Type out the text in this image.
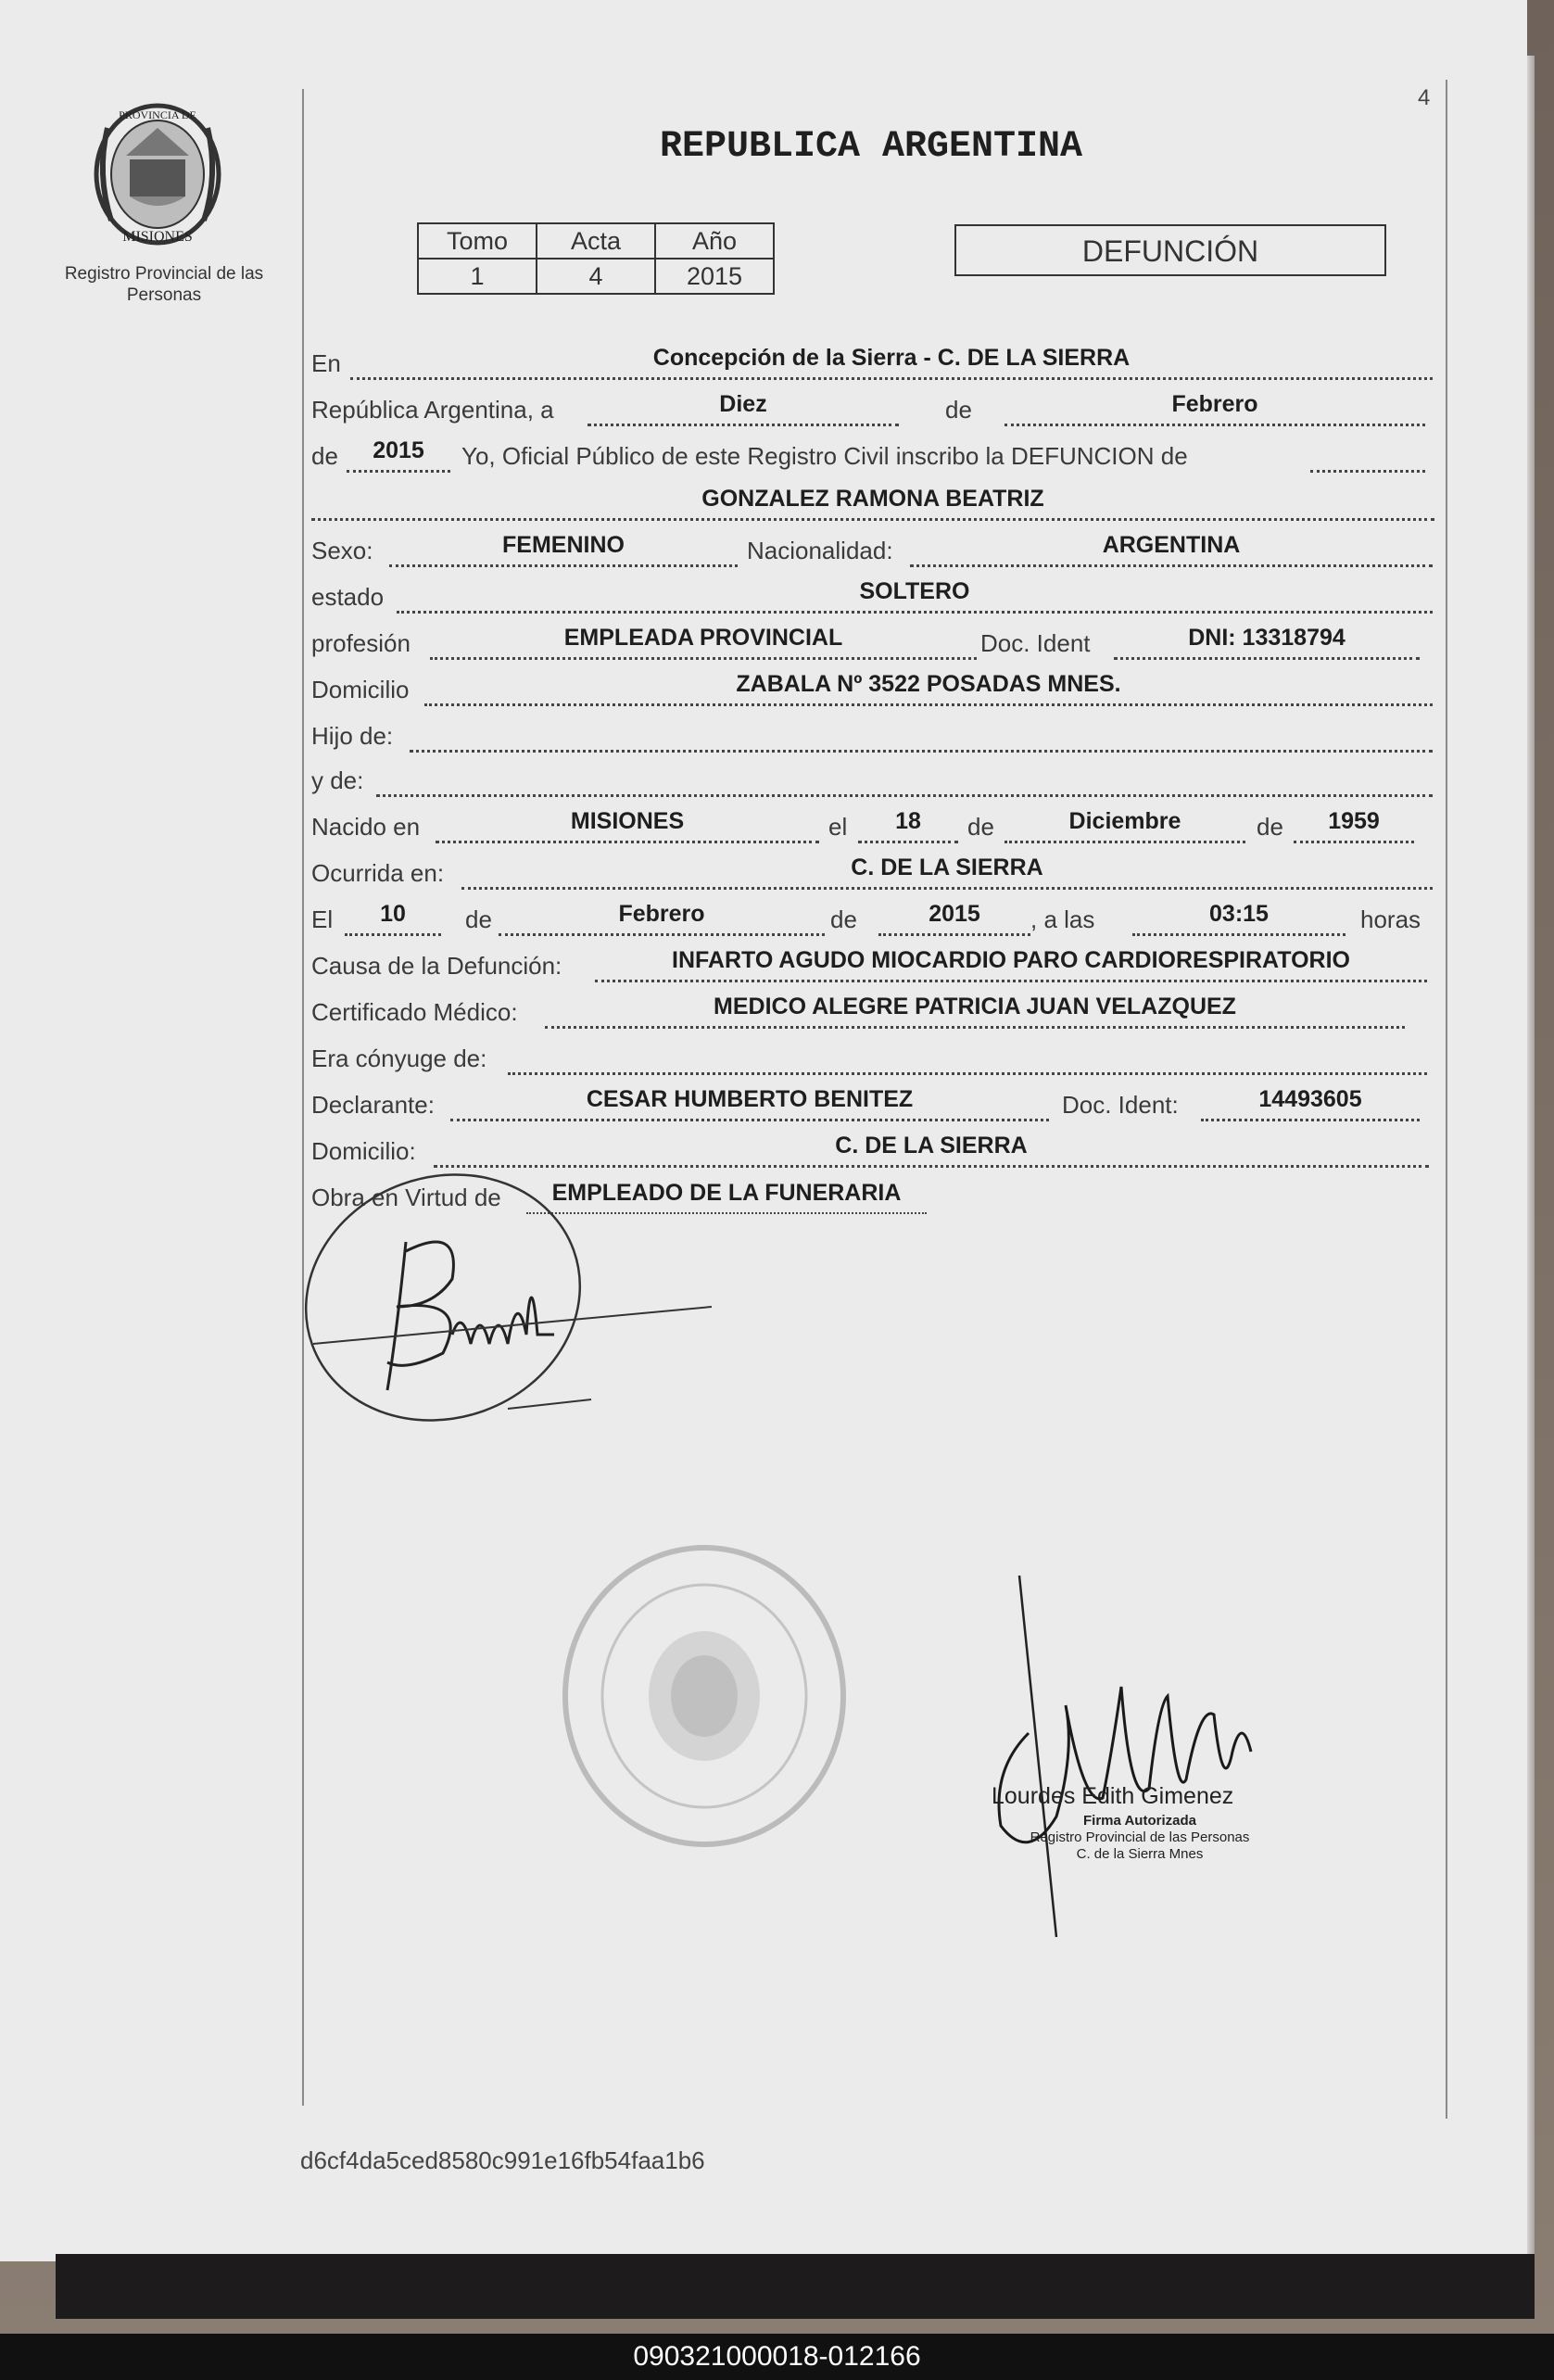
4
PROVINCIA DE
MISIONES
Registro Provincial de las Personas
REPUBLICA ARGENTINA
Tomo	Acta	Año
1	4	2015
DEFUNCIÓN
En	Concepción de la Sierra - C. DE LA SIERRA
República Argentina, a	Diez	de	Febrero
de	2015	Yo, Oficial Público de este Registro Civil inscribo la DEFUNCION de
GONZALEZ RAMONA BEATRIZ
Sexo:	FEMENINO	Nacionalidad:	ARGENTINA
estado	SOLTERO
profesión	EMPLEADA PROVINCIAL	Doc. Ident	DNI: 13318794
Domicilio	ZABALA Nº 3522 POSADAS MNES.
Hijo de:
y de:
Nacido en	MISIONES	el	18	de	Diciembre	de	1959
Ocurrida en:	C. DE LA SIERRA
El	10	de	Febrero	de	2015	, a las	03:15	horas
Causa de la Defunción:	INFARTO AGUDO MIOCARDIO PARO CARDIORESPIRATORIO
Certificado Médico:	MEDICO ALEGRE PATRICIA JUAN VELAZQUEZ
Era cónyuge de:
Declarante:	CESAR HUMBERTO BENITEZ	Doc. Ident:	14493605
Domicilio:	C. DE LA SIERRA
Obra en Virtud de	EMPLEADO DE LA FUNERARIA
Lourdes Edith Gimenez
Firma Autorizada
Registro Provincial de las Personas
C. de la Sierra Mnes
d6cf4da5ced8580c991e16fb54faa1b6
090321000018-012166
